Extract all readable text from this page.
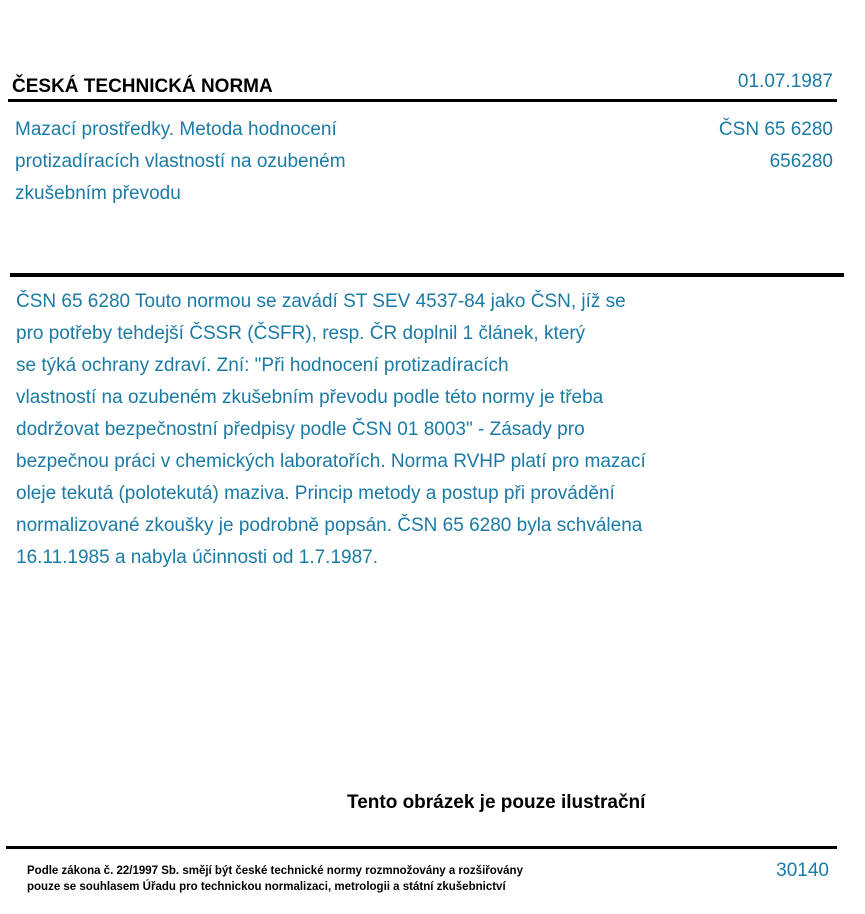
ČESKÁ TECHNICKÁ NORMA	01.07.1987
Mazací prostředky. Metoda hodnocení
protizadíracích vlastností na ozubeném
zkušebním převodu
ČSN 65 6280
656280
ČSN 65 6280 Touto normou se zavádí ST SEV 4537-84 jako ČSN, jíž se
pro potřeby tehdejší ČSSR (ČSFR), resp. ČR doplnil 1 článek, který
se týká ochrany zdraví. Zní: "Při hodnocení protizadíracích
vlastností na ozubeném zkušebním převodu podle této normy je třeba
dodržovat bezpečnostní předpisy podle ČSN 01 8003" - Zásady pro
bezpečnou práci v chemických laboratořích. Norma RVHP platí pro mazací
oleje tekutá (polotekutá) maziva. Princip metody a postup při provádění
normalizované zkoušky je podrobně popsán. ČSN 65 6280 byla schválena
16.11.1985 a nabyla účinnosti od 1.7.1987.
Tento obrázek je pouze ilustrační
Podle zákona č. 22/1997 Sb. smějí být české technické normy rozmnožovány a rozšiřovány
pouze se souhlasem Úřadu pro technickou normalizaci, metrologii a státní zkušebnictví
30140
